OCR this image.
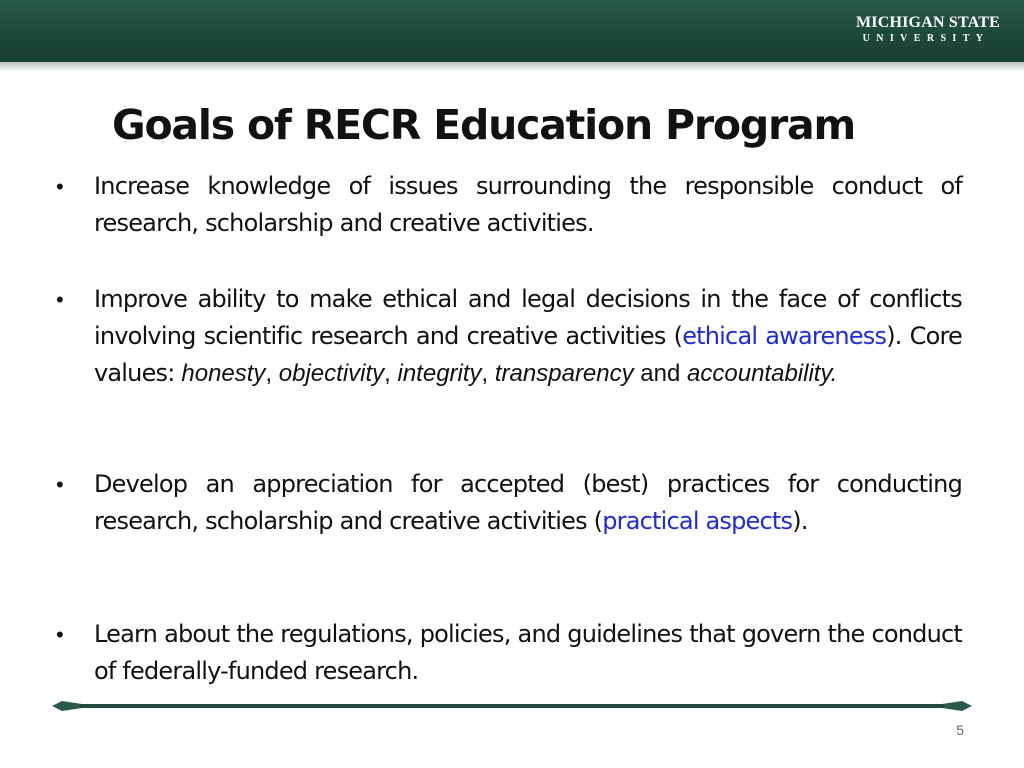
MICHIGAN STATE
UNIVERSITY
Goals of RECR Education Program
• Increase knowledge of issues surrounding the responsible conduct of research, scholarship and creative activities.
• Improve ability to make ethical and legal decisions in the face of conflicts involving scientific research and creative activities (ethical awareness). Core values: honesty, objectivity, integrity, transparency and accountability.
• Develop an appreciation for accepted (best) practices for conducting research, scholarship and creative activities (practical aspects).
• Learn about the regulations, policies, and guidelines that govern the conduct of federally-funded research.
5
